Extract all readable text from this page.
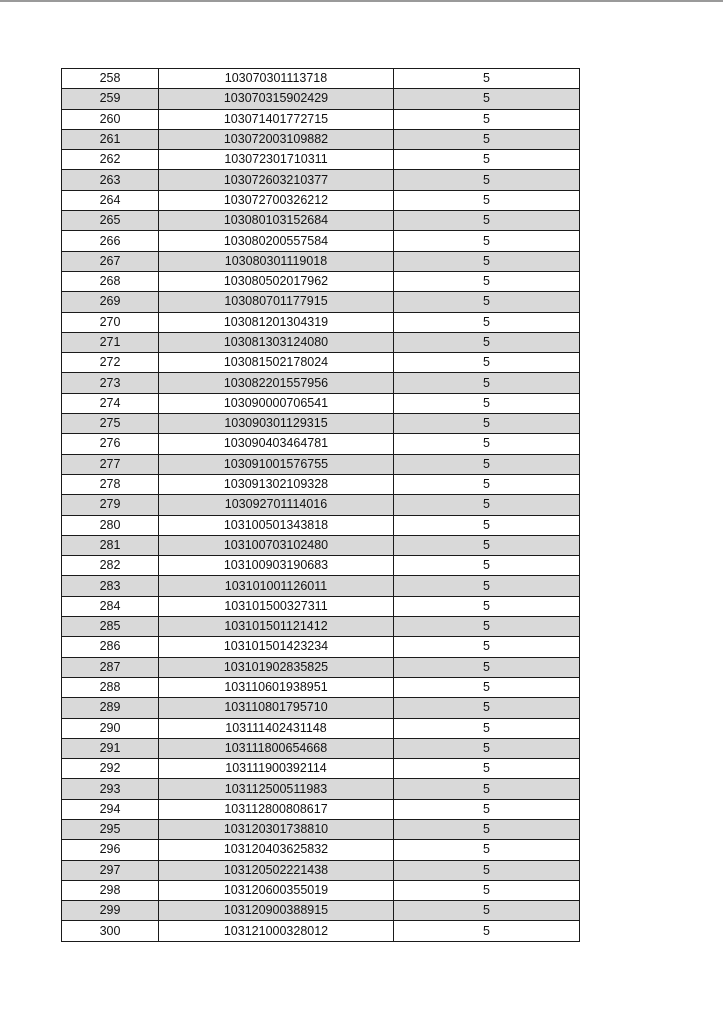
258	103070301113718	5
259	103070315902429	5
260	103071401772715	5
261	103072003109882	5
262	103072301710311	5
263	103072603210377	5
264	103072700326212	5
265	103080103152684	5
266	103080200557584	5
267	103080301119018	5
268	103080502017962	5
269	103080701177915	5
270	103081201304319	5
271	103081303124080	5
272	103081502178024	5
273	103082201557956	5
274	103090000706541	5
275	103090301129315	5
276	103090403464781	5
277	103091001576755	5
278	103091302109328	5
279	103092701114016	5
280	103100501343818	5
281	103100703102480	5
282	103100903190683	5
283	103101001126011	5
284	103101500327311	5
285	103101501121412	5
286	103101501423234	5
287	103101902835825	5
288	103110601938951	5
289	103110801795710	5
290	103111402431148	5
291	103111800654668	5
292	103111900392114	5
293	103112500511983	5
294	103112800808617	5
295	103120301738810	5
296	103120403625832	5
297	103120502221438	5
298	103120600355019	5
299	103120900388915	5
300	103121000328012	5
